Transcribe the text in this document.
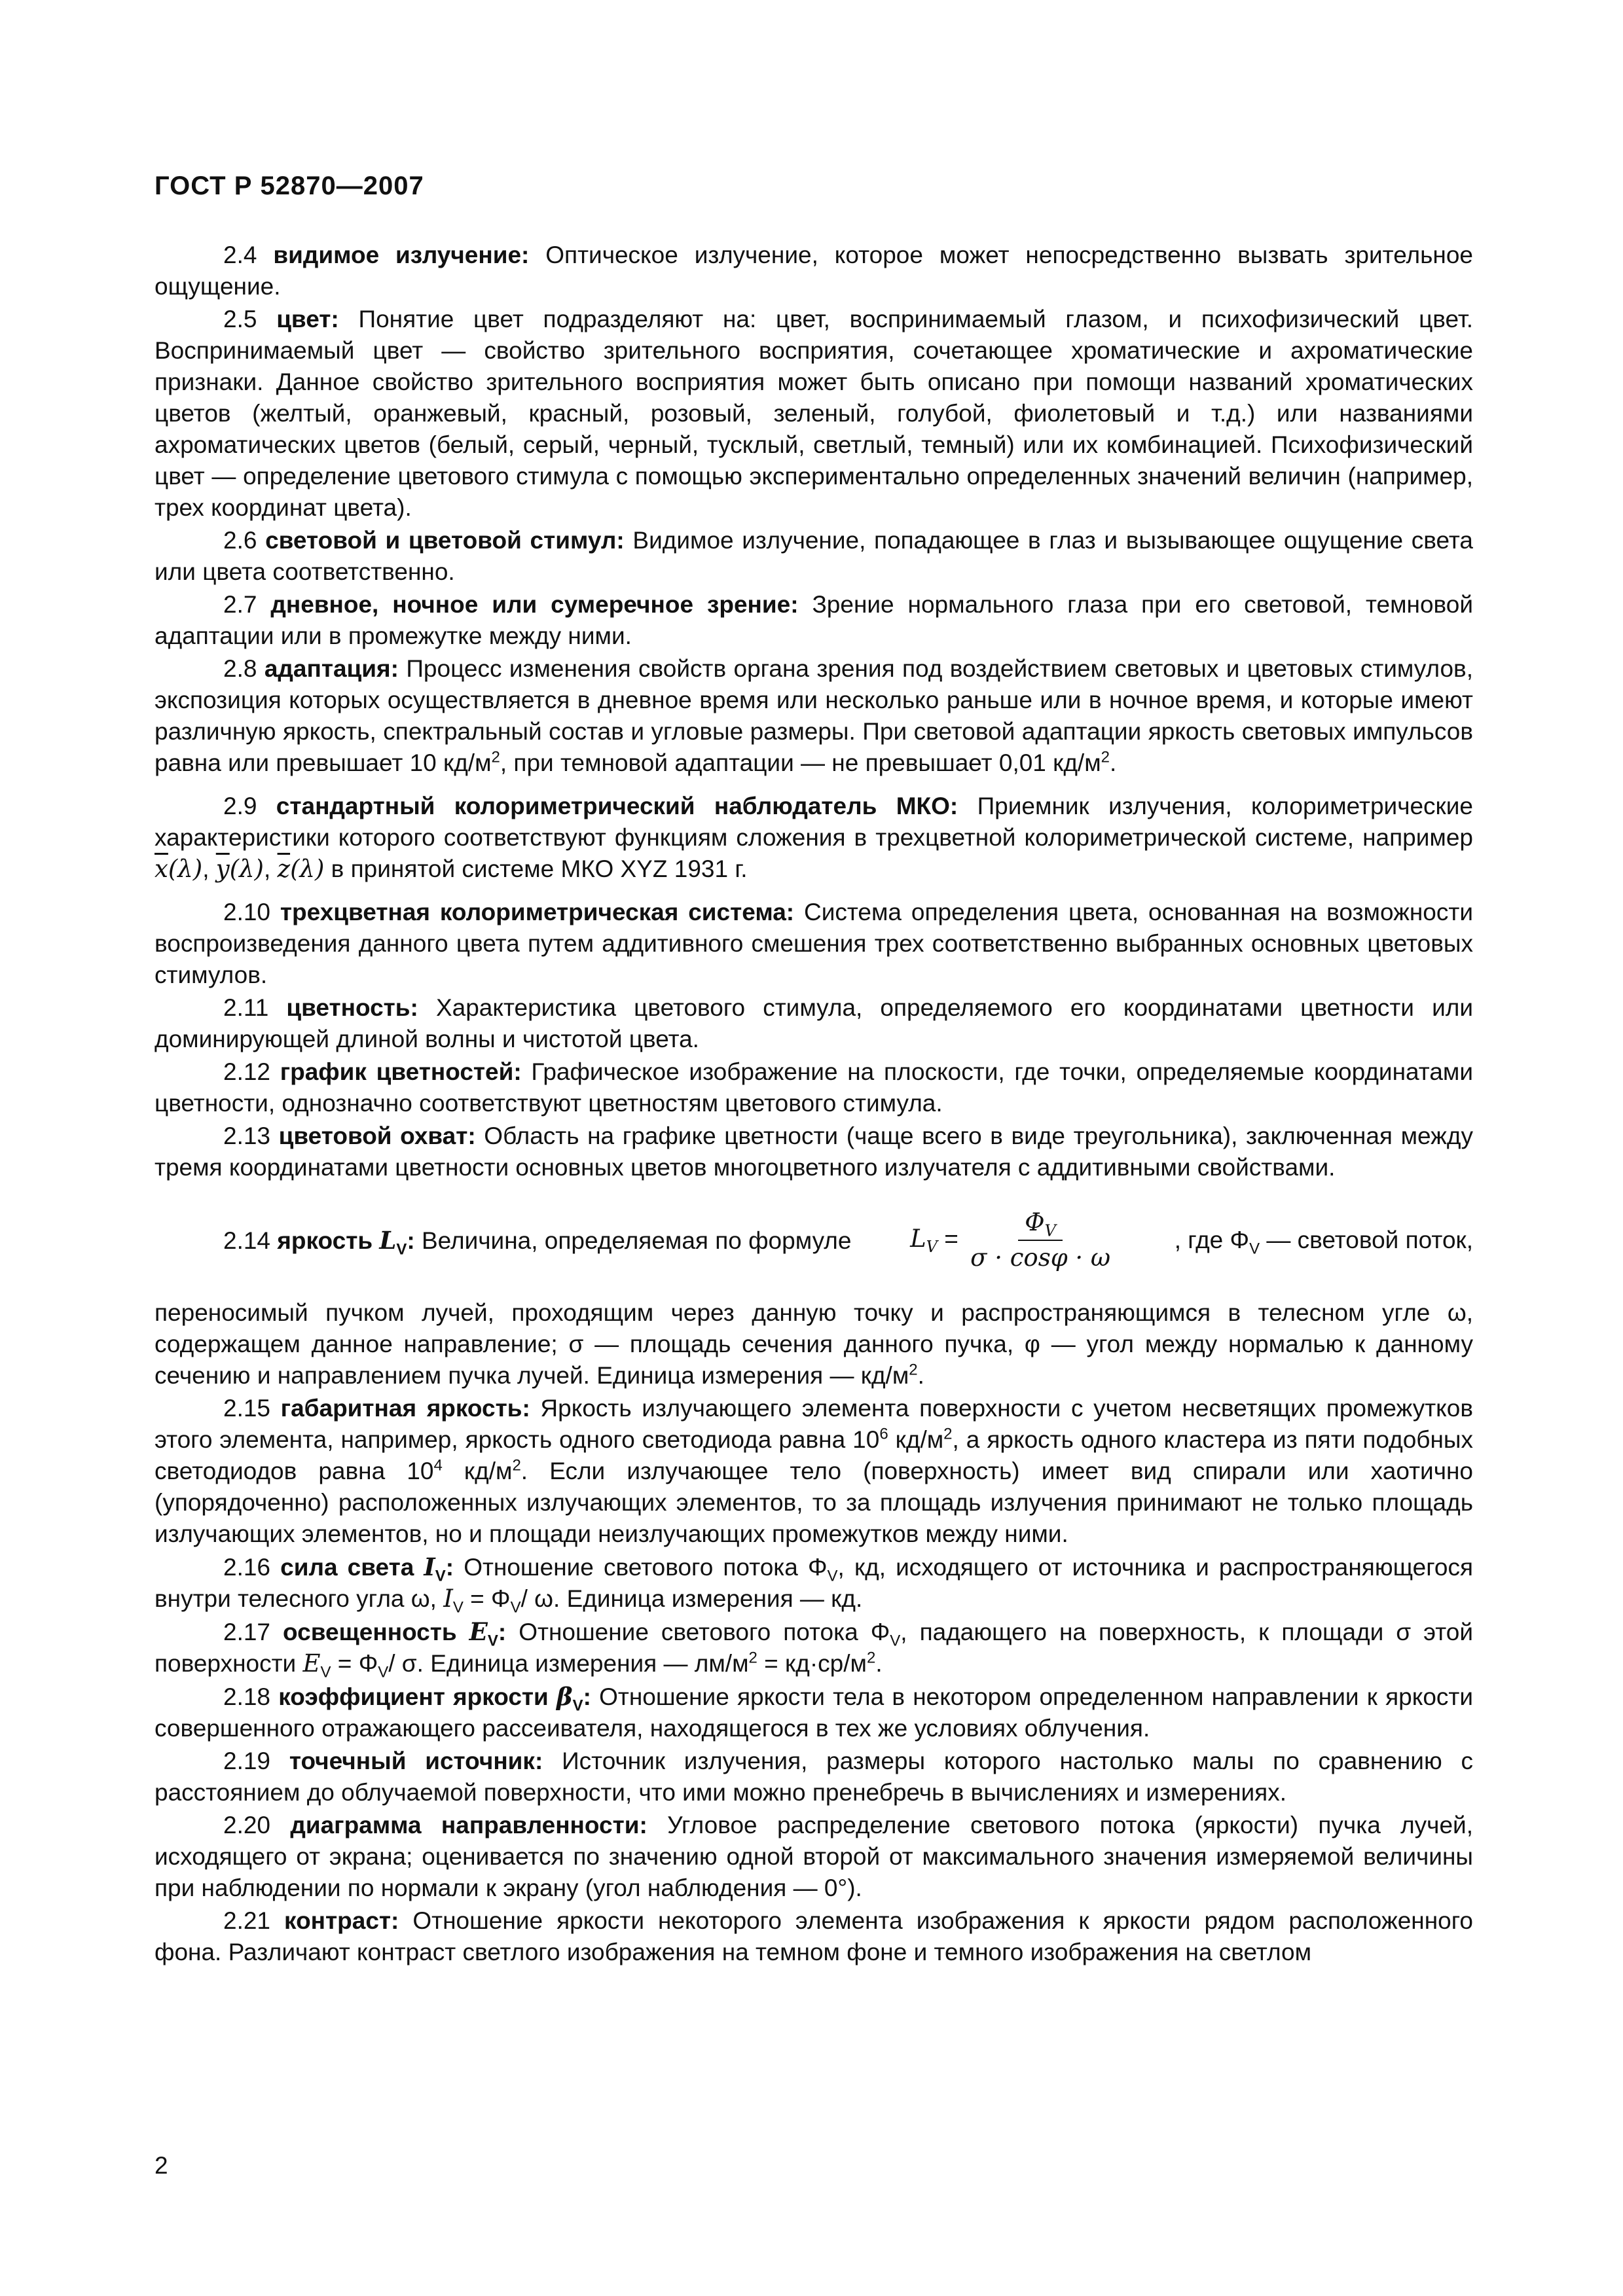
ГОСТ Р 52870—2007

2.4 видимое излучение: Оптическое излучение, которое может непосредственно вызвать зрительное ощущение.

2.5 цвет: Понятие цвет подразделяют на: цвет, воспринимаемый глазом, и психофизический цвет. Воспринимаемый цвет — свойство зрительного восприятия, сочетающее хроматические и ахроматические признаки. Данное свойство зрительного восприятия может быть описано при помощи названий хроматических цветов (желтый, оранжевый, красный, розовый, зеленый, голубой, фиолетовый и т.д.) или названиями ахроматических цветов (белый, серый, черный, тусклый, светлый, темный) или их комбинацией. Психофизический цвет — определение цветового стимула с помощью экспериментально определенных значений величин (например, трех координат цвета).

2.6 световой и цветовой стимул: Видимое излучение, попадающее в глаз и вызывающее ощущение света или цвета соответственно.

2.7 дневное, ночное или сумеречное зрение: Зрение нормального глаза при его световой, темновой адаптации или в промежутке между ними.

2.8 адаптация: Процесс изменения свойств органа зрения под воздействием световых и цветовых стимулов, экспозиция которых осуществляется в дневное время или несколько раньше или в ночное время, и которые имеют различную яркость, спектральный состав и угловые размеры. При световой адаптации яркость световых импульсов равна или превышает 10 $кд/м^2$, при темновой адаптации — не превышает 0,01 $кд/м^2$.

2.9 стандартный колориметрический наблюдатель МКО: Приемник излучения, колориметрические характеристики которого соответствуют функциям сложения в трехцветной колориметрической системе, например $\overline{x}(\lambda)$, $\overline{y}(\lambda)$, $\overline{z}(\lambda)$ в принятой системе МКО XYZ 1931 г.

2.10 трехцветная колориметрическая система: Система определения цвета, основанная на возможности воспроизведения данного цвета путем аддитивного смешения трех соответственно выбранных основных цветовых стимулов.

2.11 цветность: Характеристика цветового стимула, определяемого его координатами цветности или доминирующей длиной волны и чистотой цвета.

2.12 график цветностей: Графическое изображение на плоскости, где точки, определяемые координатами цветности, однозначно соответствуют цветностям цветового стимула.

2.13 цветовой охват: Область на графике цветности (чаще всего в виде треугольника), заключенная между тремя координатами цветности основных цветов многоцветного излучателя с аддитивными свойствами.

2.14 яркость $L_V$: Величина, определяемая по формуле $L_V = \frac{\Phi_V}{\sigma \cdot \cos\varphi \cdot \omega}$	, где $\Phi_V$ — световой поток,

переносимый пучком лучей, проходящим через данную точку и распространяющимся в телесном угле ω, содержащем данное направление; σ — площадь сечения данного пучка, φ — угол между нормалью к данному сечению и направлением пучка лучей. Единица измерения — $кд/м^2$.

2.15 габаритная яркость: Яркость излучающего элемента поверхности с учетом несветящих промежутков этого элемента, например, яркость одного светодиода равна $10^6$ $кд/м^2$, а яркость одного кластера из пяти подобных светодиодов равна $10^4$ $кд/м^2$. Если излучающее тело (поверхность) имеет вид спирали или хаотично (упорядоченно) расположенных излучающих элементов, то за площадь излучения принимают не только площадь излучающих элементов, но и площади неизлучающих промежутков между ними.

2.16 сила света $I_V$: Отношение светового потока $\Phi_V$, кд, исходящего от источника и распространяющегося внутри телесного угла ω, $I_V = \Phi_V/$ ω. Единица измерения — кд.

2.17 освещенность $E_V$: Отношение светового потока $\Phi_V$, падающего на поверхность, к площади σ этой поверхности $E_V = \Phi_V/$ σ. Единица измерения — $лм/м^2 = кд\cdot ср/м^2$.

2.18 коэффициент яркости $\beta_V$: Отношение яркости тела в некотором определенном направлении к яркости совершенного отражающего рассеивателя, находящегося в тех же условиях облучения.

2.19 точечный источник: Источник излучения, размеры которого настолько малы по сравнению с расстоянием до облучаемой поверхности, что ими можно пренебречь в вычислениях и измерениях.

2.20 диаграмма направленности: Угловое распределение светового потока (яркости) пучка лучей, исходящего от экрана; оценивается по значению одной второй от максимального значения измеряемой величины при наблюдении по нормали к экрану (угол наблюдения — 0°).

2.21 контраст: Отношение яркости некоторого элемента изображения к яркости рядом расположенного фона. Различают контраст светлого изображения на темном фоне и темного изображения на светлом

2
